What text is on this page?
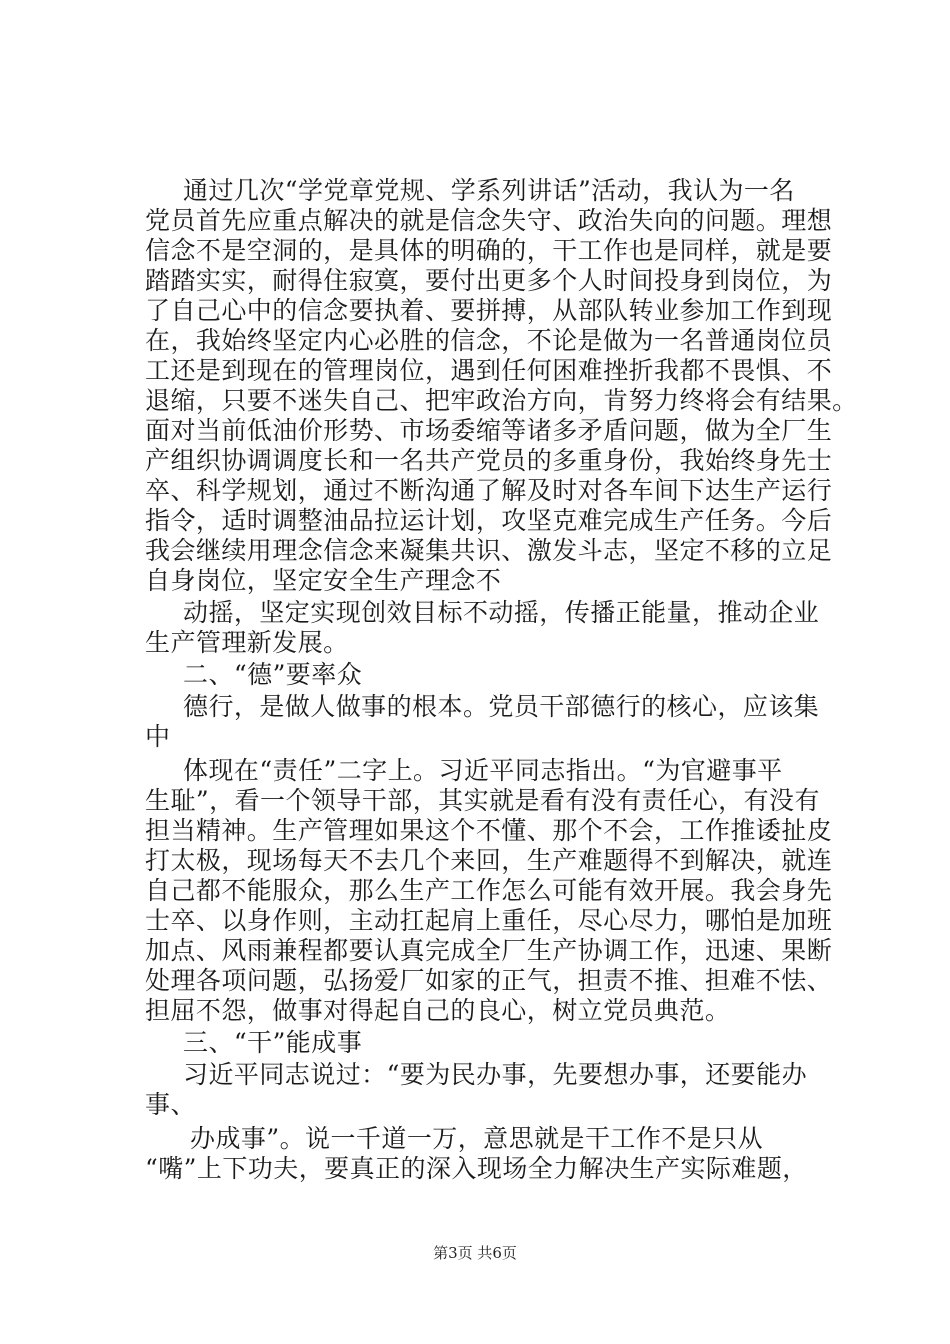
通过几次“学党章党规、学系列讲话”活动，我认为一名
党员首先应重点解决的就是信念失守、政治失向的问题。理想
信念不是空洞的，是具体的明确的，干工作也是同样，就是要
踏踏实实，耐得住寂寞，要付出更多个人时间投身到岗位，为
了自己心中的信念要执着、要拼搏，从部队转业参加工作到现
在，我始终坚定内心必胜的信念，不论是做为一名普通岗位员
工还是到现在的管理岗位，遇到任何困难挫折我都不畏惧、不
退缩，只要不迷失自己、把牢政治方向，肯努力终将会有结果。
面对当前低油价形势、市场委缩等诸多矛盾问题，做为全厂生
产组织协调调度长和一名共产党员的多重身份，我始终身先士
卒、科学规划，通过不断沟通了解及时对各车间下达生产运行
指令，适时调整油品拉运计划，攻坚克难完成生产任务。今后
我会继续用理念信念来凝集共识、激发斗志，坚定不移的立足
自身岗位，坚定安全生产理念不
动摇，坚定实现创效目标不动摇，传播正能量，推动企业
生产管理新发展。
二、“德”要率众
德行，是做人做事的根本。党员干部德行的核心，应该集
中
体现在“责任”二字上。习近平同志指出。“为官避事平
生耻”，看一个领导干部，其实就是看有没有责任心，有没有
担当精神。生产管理如果这个不懂、那个不会，工作推诿扯皮
打太极，现场每天不去几个来回，生产难题得不到解决，就连
自己都不能服众，那么生产工作怎么可能有效开展。我会身先
士卒、以身作则，主动扛起肩上重任，尽心尽力，哪怕是加班
加点、风雨兼程都要认真完成全厂生产协调工作，迅速、果断
处理各项问题，弘扬爱厂如家的正气，担责不推、担难不怯、
担屈不怨，做事对得起自己的良心，树立党员典范。
三、“干”能成事
习近平同志说过：“要为民办事，先要想办事，还要能办
事、
办成事”。说一千道一万，意思就是干工作不是只从
“嘴”上下功夫，要真正的深入现场全力解决生产实际难题，
第3页 共6页
